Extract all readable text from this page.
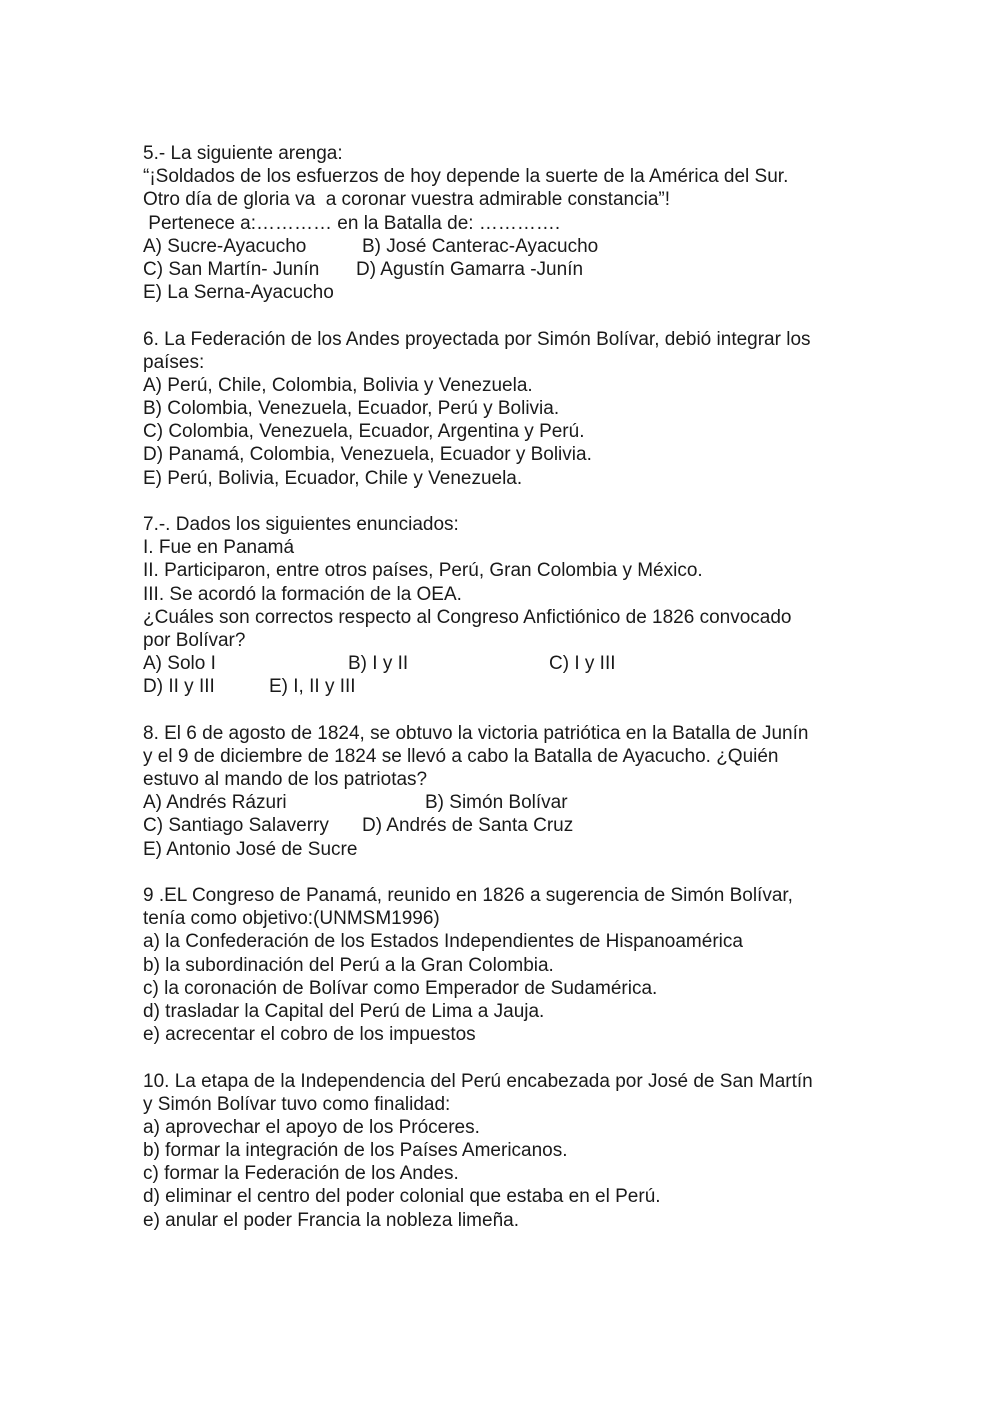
5.- La siguiente arenga:

“¡Soldados de los esfuerzos de hoy depende la suerte de la América del Sur.

Otro día de gloria va  a coronar vuestra admirable constancia”!

Pertenece a:………… en la Batalla de: ………….

A) Sucre-Ayacucho	B) José Canterac-Ayacucho
C) San Martín- Junín	D) Agustín Gamarra -Junín

E) La Serna-Ayacucho

6. La Federación de los Andes proyectada por Simón Bolívar, debió integrar los

países:

A) Perú, Chile, Colombia, Bolivia y Venezuela.

B) Colombia, Venezuela, Ecuador, Perú y Bolivia.

C) Colombia, Venezuela, Ecuador, Argentina y Perú.

D) Panamá, Colombia, Venezuela, Ecuador y Bolivia.

E) Perú, Bolivia, Ecuador, Chile y Venezuela.

7.-. Dados los siguientes enunciados:

I. Fue en Panamá

II. Participaron, entre otros países, Perú, Gran Colombia y México.

III. Se acordó la formación de la OEA.

¿Cuáles son correctos respecto al Congreso Anfictiónico de 1826 convocado

por Bolívar?

A) Solo I	B) I y II	C) I y III
D) II y III	E) I, II y III

8. El 6 de agosto de 1824, se obtuvo la victoria patriótica en la Batalla de Junín

y el 9 de diciembre de 1824 se llevó a cabo la Batalla de Ayacucho. ¿Quién

estuvo al mando de los patriotas?

A) Andrés Rázuri	B) Simón Bolívar
C) Santiago Salaverry	D) Andrés de Santa Cruz

E) Antonio José de Sucre

9 .EL Congreso de Panamá, reunido en 1826 a sugerencia de Simón Bolívar,

tenía como objetivo:(UNMSM1996)

a) la Confederación de los Estados Independientes de Hispanoamérica

b) la subordinación del Perú a la Gran Colombia.

c) la coronación de Bolívar como Emperador de Sudamérica.

d) trasladar la Capital del Perú de Lima a Jauja.

e) acrecentar el cobro de los impuestos

10. La etapa de la Independencia del Perú encabezada por José de San Martín

y Simón Bolívar tuvo como finalidad:

a) aprovechar el apoyo de los Próceres.

b) formar la integración de los Países Americanos.

c) formar la Federación de los Andes.

d) eliminar el centro del poder colonial que estaba en el Perú.

e) anular el poder Francia la nobleza limeña.
